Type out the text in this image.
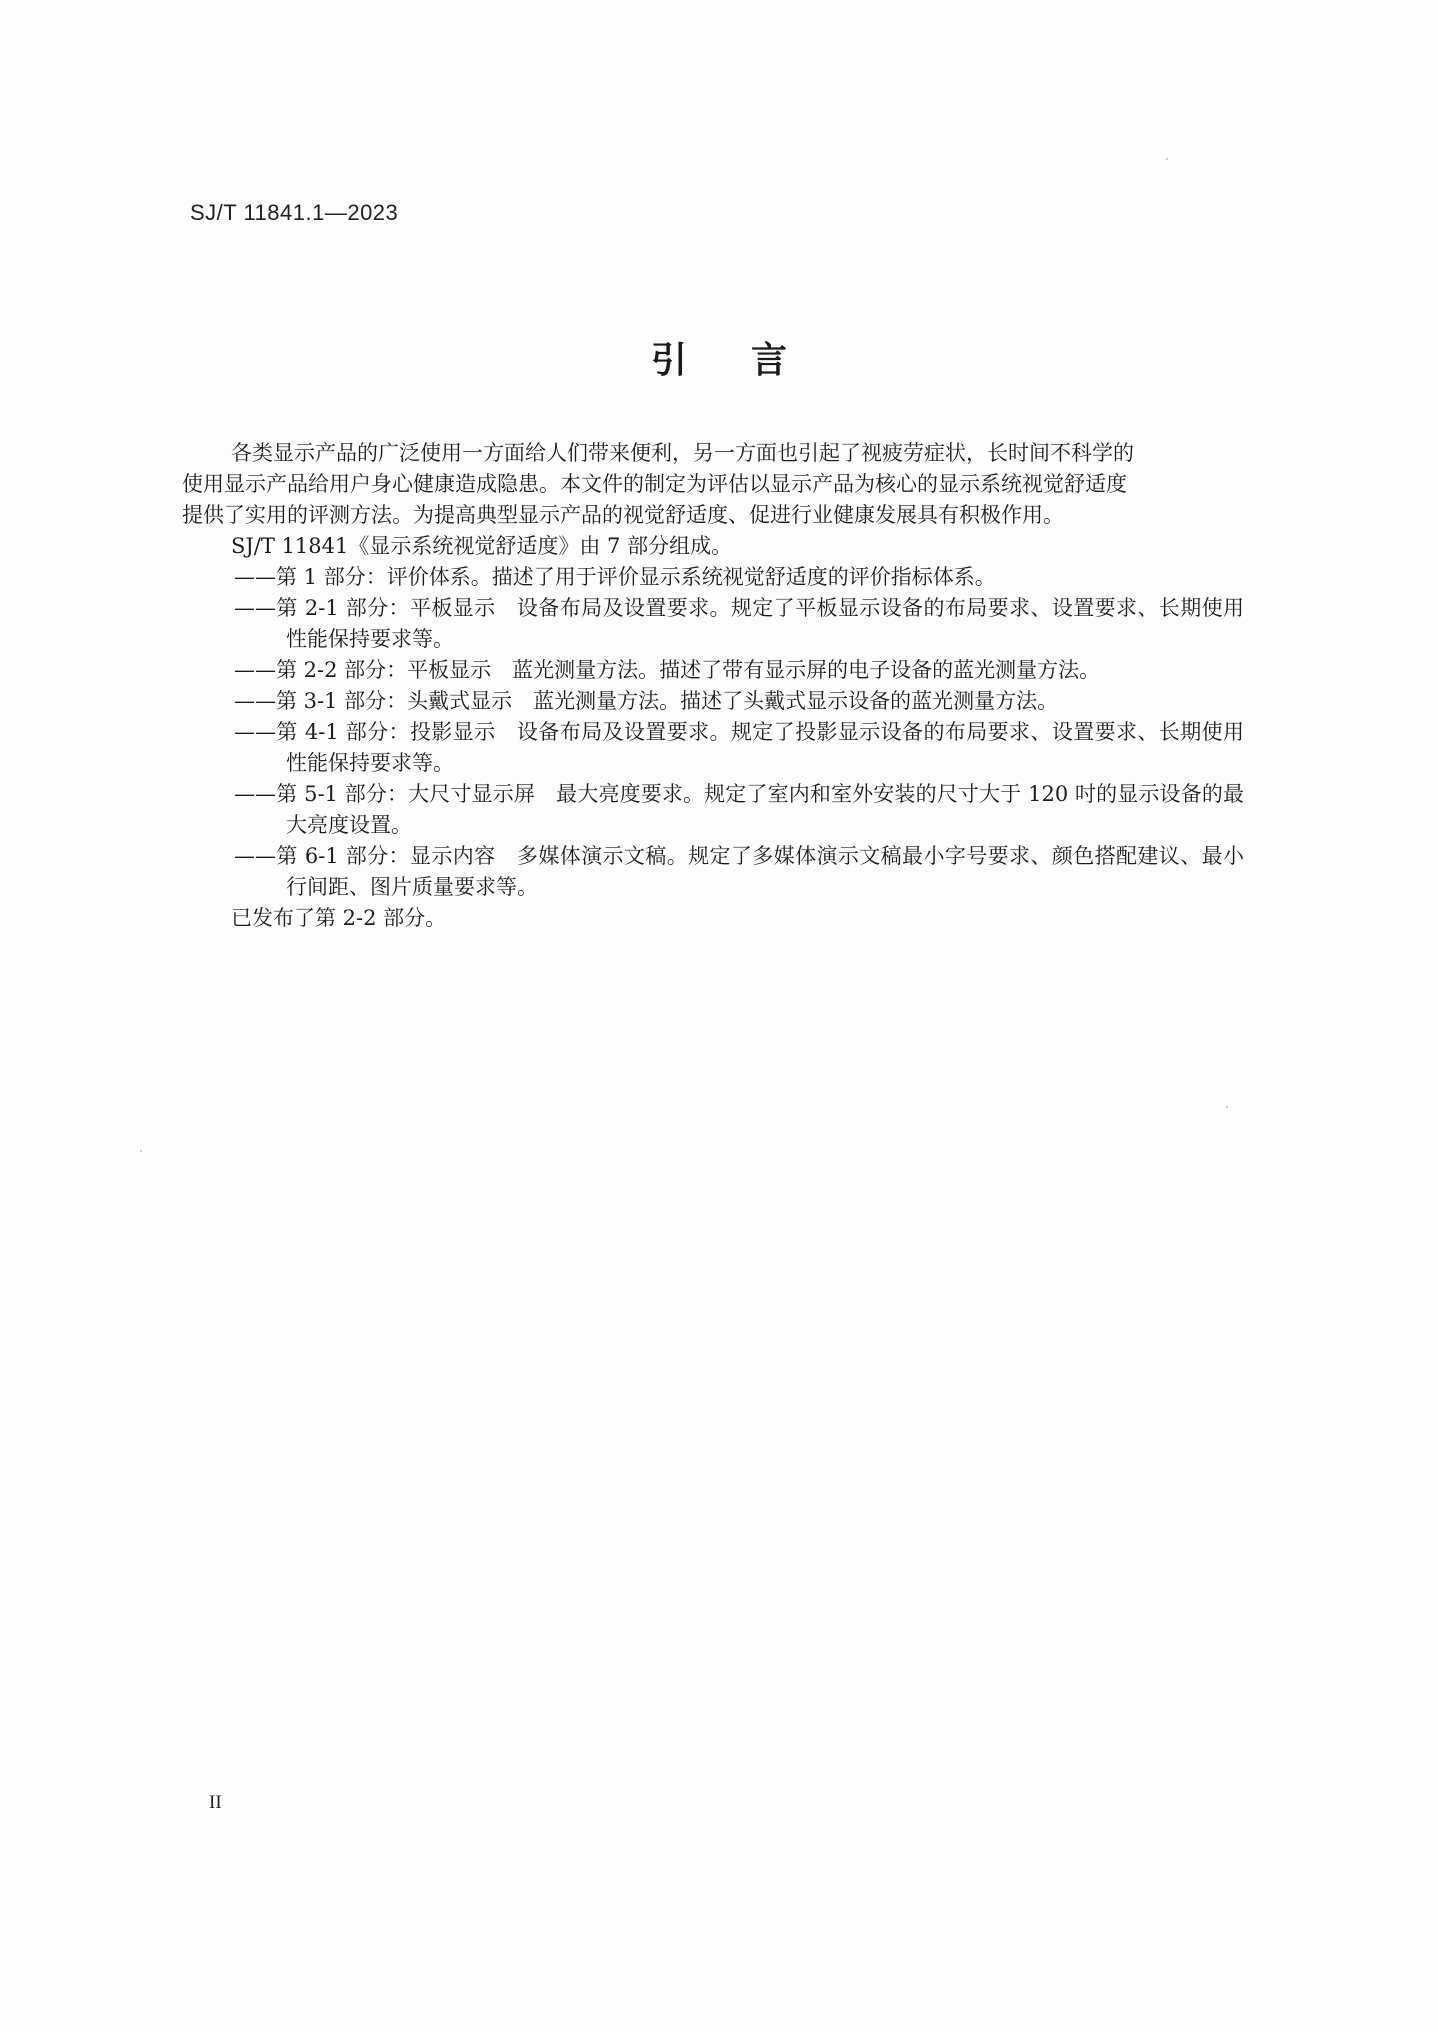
SJ/T 11841.1—2023
引 言

各类显示产品的广泛使用一方面给人们带来便利，另一方面也引起了视疲劳症状，长时间不科学的

使用显示产品给用户身心健康造成隐患。本文件的制定为评估以显示产品为核心的显示系统视觉舒适度

提供了实用的评测方法。为提高典型显示产品的视觉舒适度、促进行业健康发展具有积极作用。

SJ/T 11841《显示系统视觉舒适度》由 7 部分组成。

——第 1 部分：评价体系。描述了用于评价显示系统视觉舒适度的评价指标体系。

——第 2-1 部分：平板显示　设备布局及设置要求。规定了平板显示设备的布局要求、设置要求、长期使用性能保持要求等。

——第 2-2 部分：平板显示　蓝光测量方法。描述了带有显示屏的电子设备的蓝光测量方法。

——第 3-1 部分：头戴式显示　蓝光测量方法。描述了头戴式显示设备的蓝光测量方法。

——第 4-1 部分：投影显示　设备布局及设置要求。规定了投影显示设备的布局要求、设置要求、长期使用性能保持要求等。

——第 5-1 部分：大尺寸显示屏　最大亮度要求。规定了室内和室外安装的尺寸大于 120 吋的显示设备的最大亮度设置。

——第 6-1 部分：显示内容　多媒体演示文稿。规定了多媒体演示文稿最小字号要求、颜色搭配建议、最小行间距、图片质量要求等。

已发布了第 2-2 部分。

II
